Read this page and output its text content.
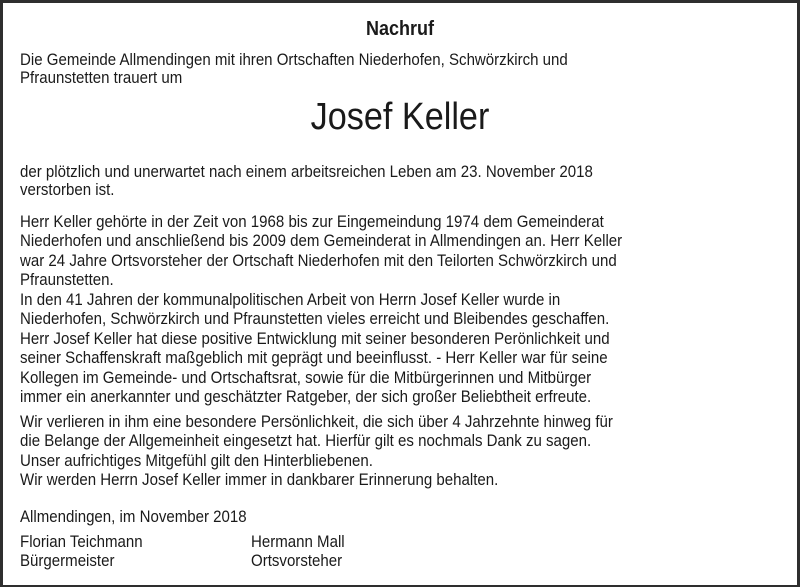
Nachruf
Die Gemeinde Allmendingen mit ihren Ortschaften Niederhofen, Schwörzkirch und
Pfraunstetten trauert um
Josef Keller
der plötzlich und unerwartet nach einem arbeitsreichen Leben am 23. November 2018
verstorben ist.
Herr Keller gehörte in der Zeit von 1968 bis zur Eingemeindung 1974 dem Gemeinderat
Niederhofen und anschließend bis 2009 dem Gemeinderat in Allmendingen an. Herr Keller
war 24 Jahre Ortsvorsteher der Ortschaft Niederhofen mit den Teilorten Schwörzkirch und
Pfraunstetten.
In den 41 Jahren der kommunalpolitischen Arbeit von Herrn Josef Keller wurde in
Niederhofen, Schwörzkirch und Pfraunstetten vieles erreicht und Bleibendes geschaffen.
Herr Josef Keller hat diese positive Entwicklung mit seiner besonderen Perönlichkeit und
seiner Schaffenskraft maßgeblich mit geprägt und beeinflusst. - Herr Keller war für seine
Kollegen im Gemeinde- und Ortschaftsrat, sowie für die Mitbürgerinnen und Mitbürger
immer ein anerkannter und geschätzter Ratgeber, der sich großer Beliebtheit erfreute.
Wir verlieren in ihm eine besondere Persönlichkeit, die sich über 4 Jahrzehnte hinweg für
die Belange der Allgemeinheit eingesetzt hat. Hierfür gilt es nochmals Dank zu sagen.
Unser aufrichtiges Mitgefühl gilt den Hinterbliebenen.
Wir werden Herrn Josef Keller immer in dankbarer Erinnerung behalten.
Allmendingen, im November 2018
Florian Teichmann
Bürgermeister
Hermann Mall
Ortsvorsteher
